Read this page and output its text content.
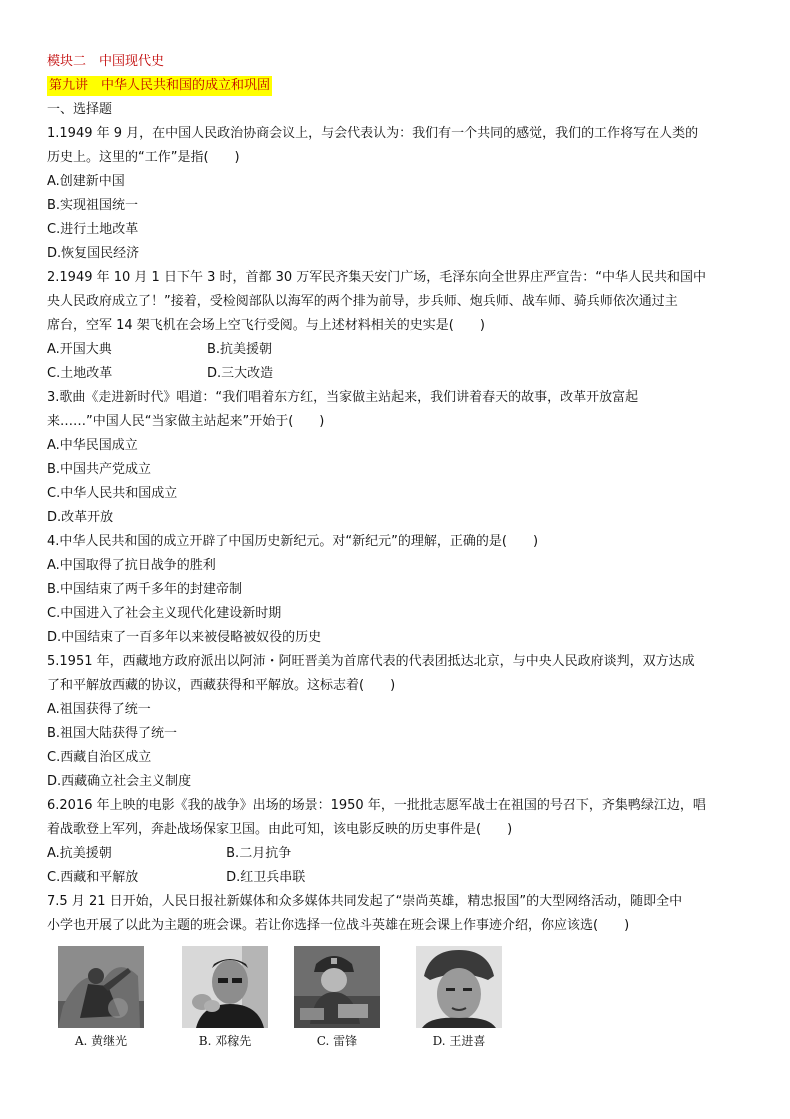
模块二　中国现代史
第九讲　中华人民共和国的成立和巩固
一、选择题
1.1949 年 9 月，在中国人民政治协商会议上，与会代表认为：我们有一个共同的感觉，我们的工作将写在人类的
历史上。这里的“工作”是指(　　)
A.创建新中国
B.实现祖国统一
C.进行土地改革
D.恢复国民经济
2.1949 年 10 月 1 日下午 3 时，首都 30 万军民齐集天安门广场，毛泽东向全世界庄严宣告：“中华人民共和国中
央人民政府成立了！”接着，受检阅部队以海军的两个排为前导，步兵师、炮兵师、战车师、骑兵师依次通过主
席台，空军 14 架飞机在会场上空飞行受阅。与上述材料相关的史实是(　　)
A.开国大典	B.抗美援朝
C.土地改革	D.三大改造
3.歌曲《走进新时代》唱道：“我们唱着东方红，当家做主站起来，我们讲着春天的故事，改革开放富起
来……”中国人民“当家做主站起来”开始于(　　)
A.中华民国成立
B.中国共产党成立
C.中华人民共和国成立
D.改革开放
4.中华人民共和国的成立开辟了中国历史新纪元。对“新纪元”的理解，正确的是(　　)
A.中国取得了抗日战争的胜利
B.中国结束了两千多年的封建帝制
C.中国进入了社会主义现代化建设新时期
D.中国结束了一百多年以来被侵略被奴役的历史
5.1951 年，西藏地方政府派出以阿沛・阿旺晋美为首席代表的代表团抵达北京，与中央人民政府谈判，双方达成
了和平解放西藏的协议，西藏获得和平解放。这标志着(　　)
A.祖国获得了统一
B.祖国大陆获得了统一
C.西藏自治区成立
D.西藏确立社会主义制度
6.2016 年上映的电影《我的战争》出场的场景：1950 年，一批批志愿军战士在祖国的号召下，齐集鸭绿江边，唱
着战歌登上军列，奔赴战场保家卫国。由此可知，该电影反映的历史事件是(　　)
A.抗美援朝	B.二月抗争
C.西藏和平解放	D.红卫兵串联
7.5 月 21 日开始，人民日报社新媒体和众多媒体共同发起了“崇尚英雄，精忠报国”的大型网络活动，随即全中
小学也开展了以此为主题的班会课。若让你选择一位战斗英雄在班会课上作事迹介绍，你应该选(　　)
A. 黄继光	B. 邓稼先	C. 雷锋	D. 王进喜
